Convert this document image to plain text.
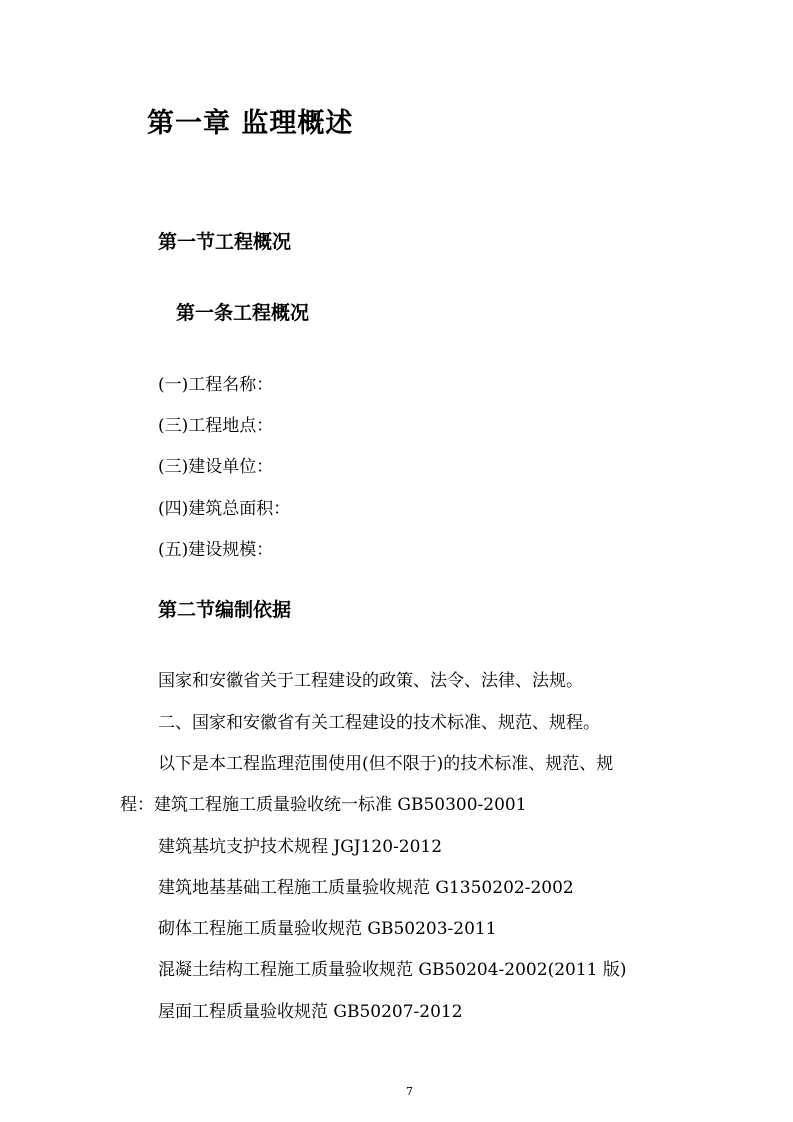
第一章 监理概述
第一节工程概况
第一条工程概况
(一)工程名称：
(三)工程地点：
(三)建设单位：
(四)建筑总面积：
(五)建设规模：
第二节编制依据
国家和安徽省关于工程建设的政策、法令、法律、法规。
二、国家和安徽省有关工程建设的技术标准、规范、规程。
以下是本工程监理范围使用(但不限于)的技术标准、规范、规
程：建筑工程施工质量验收统一标准 GB50300-2001
建筑基坑支护技术规程 JGJ120-2012
建筑地基基础工程施工质量验收规范 G1350202-2002
砌体工程施工质量验收规范 GB50203-2011
混凝土结构工程施工质量验收规范 GB50204-2002(2011 版)
屋面工程质量验收规范 GB50207-2012
7
